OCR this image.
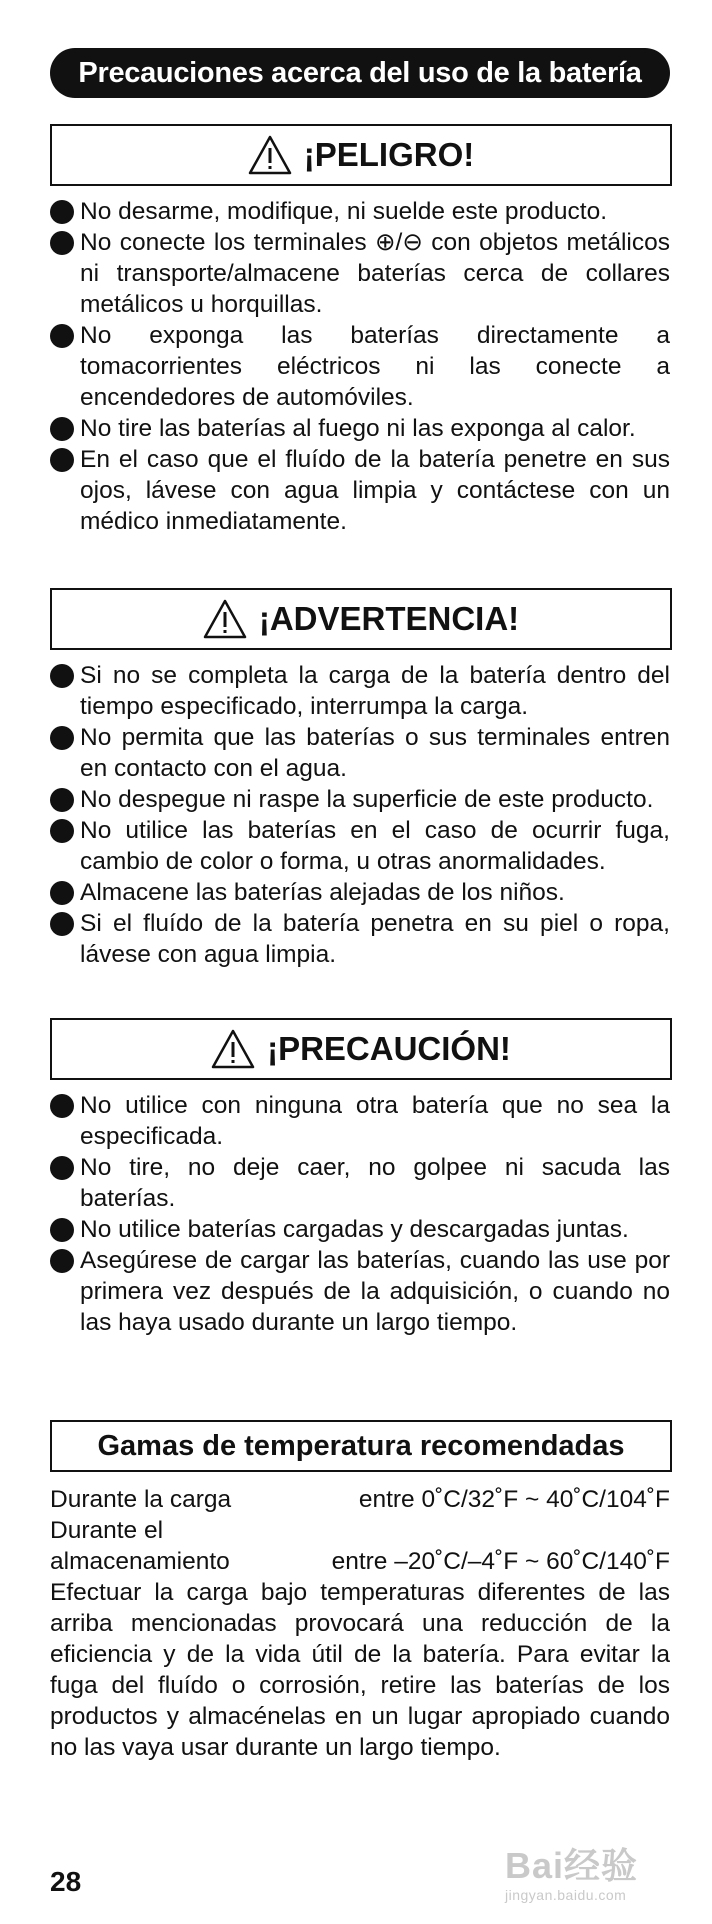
Precauciones acerca del uso de la batería
¡PELIGRO!
No desarme, modifique, ni suelde este producto.
No conecte los terminales ⊕/⊖ con objetos metálicos ni transporte/almacene baterías cerca de collares metálicos u horquillas.
No exponga las baterías directamente a tomacorrientes eléctricos ni las conecte a encendedores de automóviles.
No tire las baterías al fuego ni las exponga al calor.
En el caso que el fluído de la batería penetre en sus ojos, lávese con agua limpia y contáctese con un médico inmediatamente.
¡ADVERTENCIA!
Si no se completa la carga de la batería dentro del tiempo especificado, interrumpa la carga.
No permita que las baterías o sus terminales entren en contacto con el agua.
No despegue ni raspe la superficie de este producto.
No utilice las baterías en el caso de ocurrir fuga, cambio de color o forma, u otras anormalidades.
Almacene las baterías alejadas de los niños.
Si el fluído de la batería penetra en su piel o ropa, lávese con agua limpia.
¡PRECAUCIÓN!
No utilice con ninguna otra batería que no sea la especificada.
No tire, no deje caer, no golpee ni sacuda las baterías.
No utilice baterías cargadas y descargadas juntas.
Asegúrese de cargar las baterías, cuando las use por primera vez después de la adquisición, o cuando no las haya usado durante un largo tiempo.
Gamas de temperatura recomendadas
Durante la carga	entre 0˚C/32˚F ~ 40˚C/104˚F
Durante el
almacenamiento	entre –20˚C/–4˚F ~ 60˚C/140˚F

Efectuar la carga bajo temperaturas diferentes de las arriba mencionadas provocará una reducción de la eficiencia y de la vida útil de la batería. Para evitar la fuga del fluído o corrosión, retire las baterías de los productos y almacénelas en un lugar apropiado cuando no las vaya usar durante un largo tiempo.

28	Bai经验
jingyan.baidu.com
